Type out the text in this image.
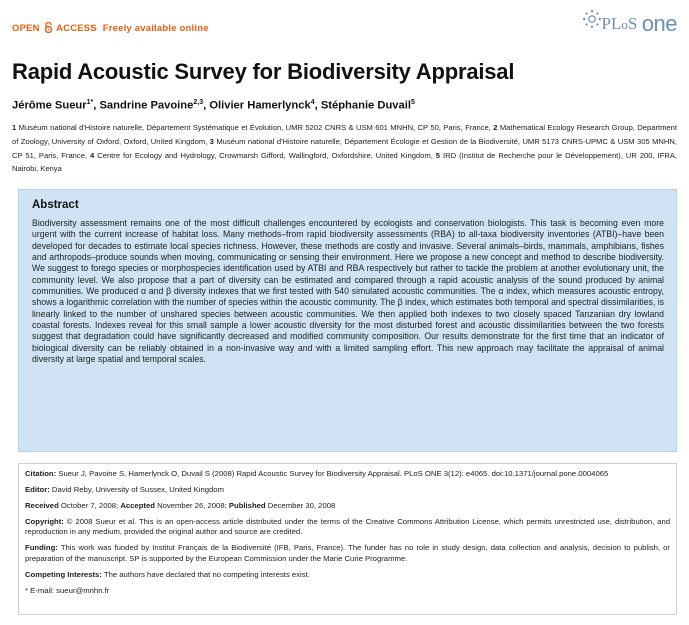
OPEN ACCESS Freely available online	PLoS one
Rapid Acoustic Survey for Biodiversity Appraisal
Jérôme Sueur$^{1*}$, Sandrine Pavoine$^{2,3}$, Olivier Hamerlynck$^4$, Stéphanie Duvail$^5$
1 Muséum national d'Histoire naturelle, Département Systématique et Évolution, UMR 5202 CNRS & USM 601 MNHN, CP 50, Paris, France, 2 Mathematical Ecology Research Group, Department of Zoology, University of Oxford, Oxford, United Kingdom, 3 Muséum national d'Histoire naturelle, Département Écologie et Gestion de la Biodiversité, UMR 5173 CNRS-UPMC & USM 305 MNHN, CP 51, Paris, France, 4 Centre for Ecology and Hydrology, Crowmarsh Gifford, Wallingford, Oxfordshire, United Kingdom, 5 IRD (Institut de Recherche pour le Développement), UR 200, IFRA, Nairobi, Kenya
Abstract
Biodiversity assessment remains one of the most difficult challenges encountered by ecologists and conservation biologists. This task is becoming even more urgent with the current increase of habitat loss. Many methods–from rapid biodiversity assessments (RBA) to all-taxa biodiversity inventories (ATBI)–have been developed for decades to estimate local species richness. However, these methods are costly and invasive. Several animals–birds, mammals, amphibians, fishes and arthropods–produce sounds when moving, communicating or sensing their environment. Here we propose a new concept and method to describe biodiversity. We suggest to forego species or morphospecies identification used by ATBI and RBA respectively but rather to tackle the problem at another evolutionary unit, the community level. We also propose that a part of diversity can be estimated and compared through a rapid acoustic analysis of the sound produced by animal communities. We produced α and β diversity indexes that we first tested with 540 simulated acoustic communities. The α index, which measures acoustic entropy, shows a logarithmic correlation with the number of species within the acoustic community. The β index, which estimates both temporal and spectral dissimilarities, is linearly linked to the number of unshared species between acoustic communities. We then applied both indexes to two closely spaced Tanzanian dry lowland coastal forests. Indexes reveal for this small sample a lower acoustic diversity for the most disturbed forest and acoustic dissimilarities between the two forests suggest that degradation could have significantly decreased and modified community composition. Our results demonstrate for the first time that an indicator of biological diversity can be reliably obtained in a non-invasive way and with a limited sampling effort. This new approach may facilitate the appraisal of animal diversity at large spatial and temporal scales.

Citation: Sueur J, Pavoine S, Hamerlynck O, Duvail S (2008) Rapid Acoustic Survey for Biodiversity Appraisal. PLoS ONE 3(12): e4065. doi:10.1371/journal.pone.0004065

Editor: David Reby, University of Sussex, United Kingdom

Received October 7, 2008; Accepted November 26, 2008; Published December 30, 2008

Copyright: © 2008 Sueur et al. This is an open-access article distributed under the terms of the Creative Commons Attribution License, which permits unrestricted use, distribution, and reproduction in any medium, provided the original author and source are credited.

Funding: This work was funded by Institut Français de la Biodiversité (IFB, Paris, France). The funder has no role in study design, data collection and analysis, decision to publish, or preparation of the manuscript. SP is supported by the European Commission under the Marie Curie Programme.

Competing Interests: The authors have declared that no competing interests exist.

* E-mail: sueur@mnhn.fr
